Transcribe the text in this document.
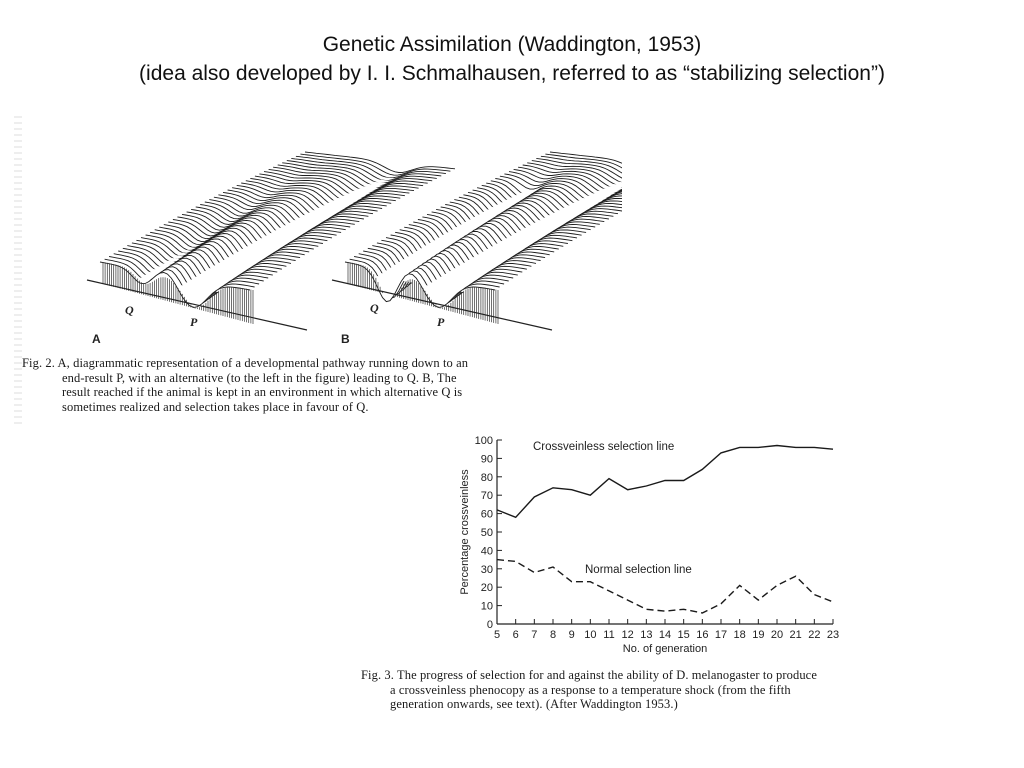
Genetic Assimilation (Waddington, 1953)
(idea also developed by I. I. Schmalhausen, referred to as “stabilizing selection”)
Q
P
Q
P
A	B
Fig. 2. A, diagrammatic representation of a developmental pathway running down to an
end-result P, with an alternative (to the left in the figure) leading to Q. B, The
result reached if the animal is kept in an environment in which alternative Q is
sometimes realized and selection takes place in favour of Q.
0
10
20
30
40
50
60
70
80
90
100
5 6 7 8 9 10 11 12 13 14 15 16 17 18 19 20 21 22 23
No. of generation
Percentage crossveinless
Crossveinless selection line
Normal selection line
Fig. 3. The progress of selection for and against the ability of D. melanogaster to produce
a crossveinless phenocopy as a response to a temperature shock (from the fifth
generation onwards, see text). (After Waddington 1953.)
